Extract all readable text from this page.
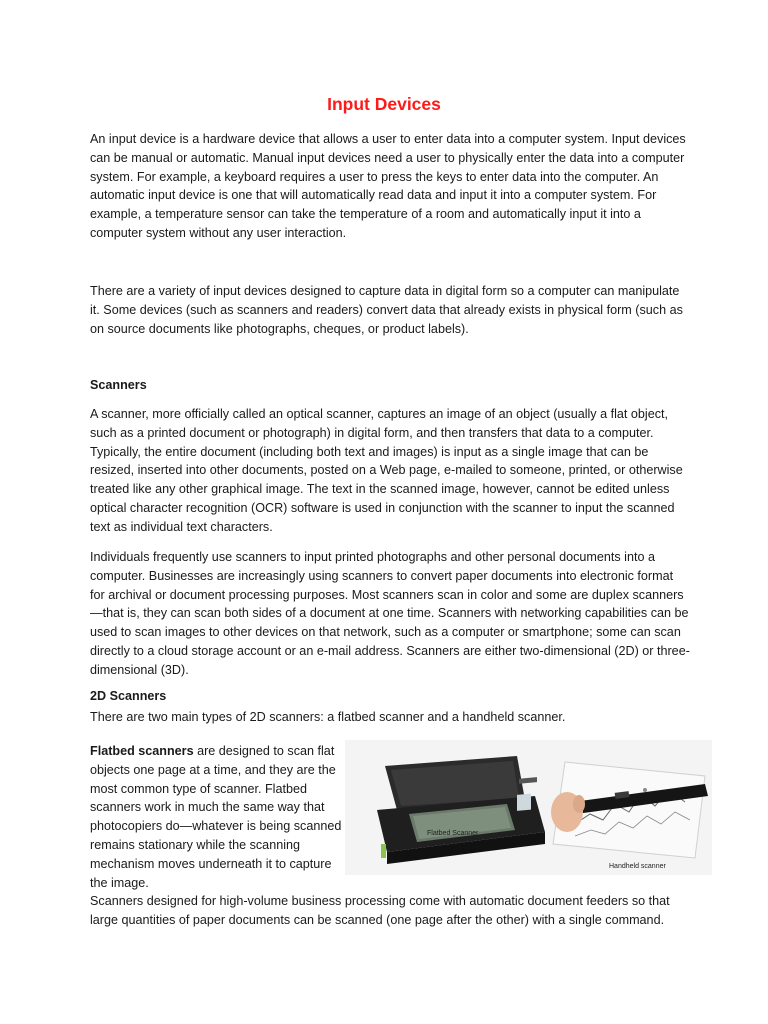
Input Devices

An input device is a hardware device that allows a user to enter data into a computer system. Input devices can be manual or automatic. Manual input devices need a user to physically enter the data into a computer system. For example, a keyboard requires a user to press the keys to enter data into the computer. An automatic input device is one that will automatically read data and input it into a computer system. For example, a temperature sensor can take the temperature of a room and automatically input it into a computer system without any user interaction.

There are a variety of input devices designed to capture data in digital form so a computer can manipulate it. Some devices (such as scanners and readers) convert data that already exists in physical form (such as on source documents like photographs, cheques, or product labels).

Scanners

A scanner, more officially called an optical scanner, captures an image of an object (usually a flat object, such as a printed document or photograph) in digital form, and then transfers that data to a computer. Typically, the entire document (including both text and images) is input as a single image that can be resized, inserted into other documents, posted on a Web page, e-mailed to someone, printed, or otherwise treated like any other graphical image. The text in the scanned image, however, cannot be edited unless optical character recognition (OCR) software is used in conjunction with the scanner to input the scanned text as individual text characters.

Individuals frequently use scanners to input printed photographs and other personal documents into a computer. Businesses are increasingly using scanners to convert paper documents into electronic format for archival or document processing purposes. Most scanners scan in color and some are duplex scanners—that is, they can scan both sides of a document at one time. Scanners with networking capabilities can be used to scan images to other devices on that network, such as a computer or smartphone; some can scan directly to a cloud storage account or an e-mail address. Scanners are either two-dimensional (2D) or three-dimensional (3D).

2D Scanners

There are two main types of 2D scanners: a flatbed scanner and a handheld scanner.

Flatbed scanners are designed to scan flat objects one page at a time, and they are the most common type of scanner. Flatbed scanners work in much the same way that photocopiers do—whatever is being scanned remains stationary while the scanning mechanism moves underneath it to capture the image.

Flatbed Scanner
Handheld scanner

Scanners designed for high-volume business processing come with automatic document feeders so that large quantities of paper documents can be scanned (one page after the other) with a single command.
